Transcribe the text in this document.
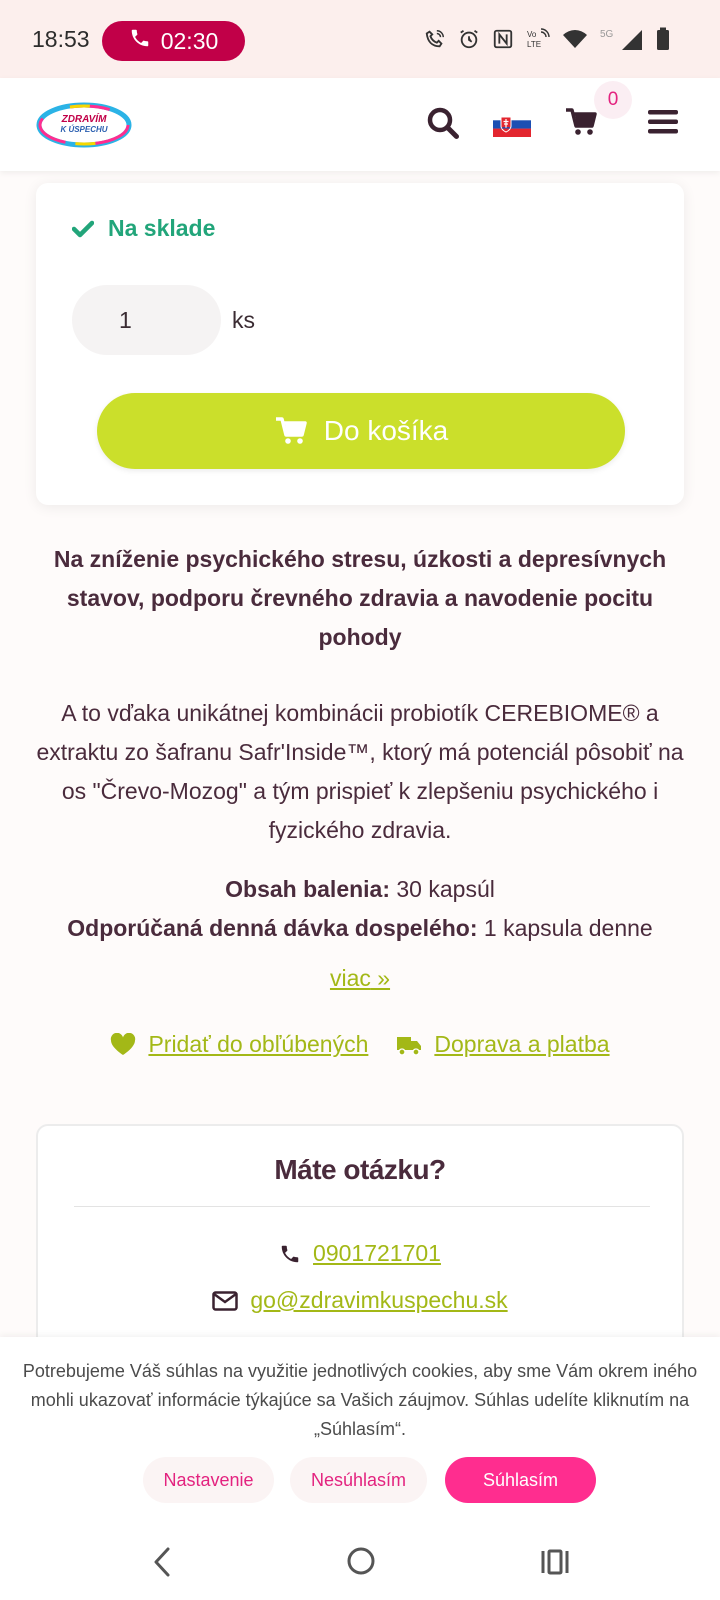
18:53	02:30	Vo
LTE
5G
ZDRAVÍM
K ÚSPECHU
0
Na sklade
1	ks
Do košíka

Na zníženie psychického stresu, úzkosti a depresívnych stavov, podporu črevného zdravia a navodenie pocitu pohody

A to vďaka unikátnej kombinácii probiotík CEREBIOME® a extraktu zo šafranu Safr'Inside™, ktorý má potenciál pôsobiť na os "Črevo-Mozog" a tým prispieť k zlepšeniu psychického i fyzického zdravia.

Obsah balenia: 30 kapsúl

Odporúčaná denná dávka dospelého: 1 kapsula denne

viac »
Pridať do obľúbených	Doprava a platba
Máte otázku?
0901721701
go@zdravimkuspechu.sk

Potrebujeme Váš súhlas na využitie jednotlivých cookies, aby sme Vám okrem iného mohli ukazovať informácie týkajúce sa Vašich záujmov. Súhlas udelíte kliknutím na „Súhlasím“.

Nastavenie	Nesúhlasím	Súhlasím
